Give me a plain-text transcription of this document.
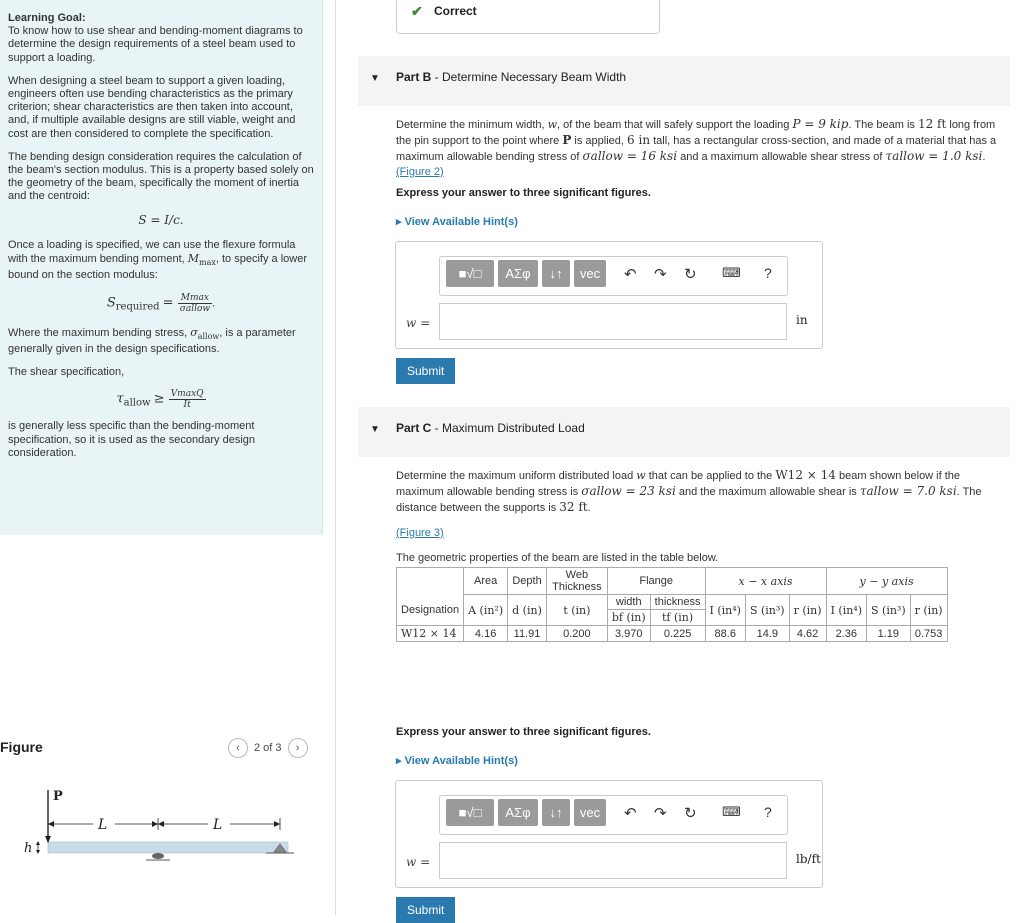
Learning Goal:
To know how to use shear and bending-moment diagrams to determine the design requirements of a steel beam used to support a loading.

When designing a steel beam to support a given loading, engineers often use bending characteristics as the primary criterion; shear characteristics are then taken into account, and, if multiple available designs are still viable, weight and cost are then considered to complete the specification.

The bending design consideration requires the calculation of the beam's section modulus. This is a property based solely on the geometry of the beam, specifically the moment of inertia and the centroid:

S = I/c.

Once a loading is specified, we can use the flexure formula with the maximum bending moment, $M_{max}$, to specify a lower bound on the section modulus:

$S_{required} = \frac{Mmax}{\text{σallow}}$ .

Where the maximum bending stress, $\sigma_{allow}$, is a parameter generally given in the design specifications.

The shear specification,

$\tau_{allow} \ge \frac{VmaxQ}{It}$

is generally less specific than the bending-moment specification, so it is used as the secondary design consideration.

Figure	‹	2 of 3	›
P
L	L
h
✔ Correct
▼ Part B - Determine Necessary Beam Width
Determine the minimum width, w, of the beam that will safely support the loading P = 9 kip. The beam is 12 ft long from the pin support to the point where P is applied, 6 in tall, has a rectangular cross-section, and made of a material that has a maximum allowable bending stress of σallow = 16 ksi and a maximum allowable shear stress of τallow = 1.0 ksi. (Figure 2)
Express your answer to three significant figures.
▸ View Available Hint(s)
■√□	ΑΣφ	↓↑	vec	↶ ↷ ↻ ⌨ ?
w =	in
Submit
▼ Part C - Maximum Distributed Load
Determine the maximum uniform distributed load w that can be applied to the W12 × 14 beam shown below if the maximum allowable bending stress is σallow = 23 ksi and the maximum allowable shear is τallow = 7.0 ksi. The distance between the supports is 32 ft.
(Figure 3)
The geometric properties of the beam are listed in the table below.
	Area	Depth	Web Thickness	Flange		x − x axis			y − y axis		
Designation	A (in²)	d (in)	t (in)	width	thickness	I (in⁴)	S (in³)	r (in)	I (in⁴)	S (in³)	r (in)
				bf (in)	tf (in)						
W12 × 14	4.16	11.91	0.200	3.970	0.225	88.6	14.9	4.62	2.36	1.19	0.753
Express your answer to three significant figures.
▸ View Available Hint(s)
■√□	ΑΣφ	↓↑	vec	↶ ↷ ↻ ⌨ ?
w =	lb/ft
Submit
